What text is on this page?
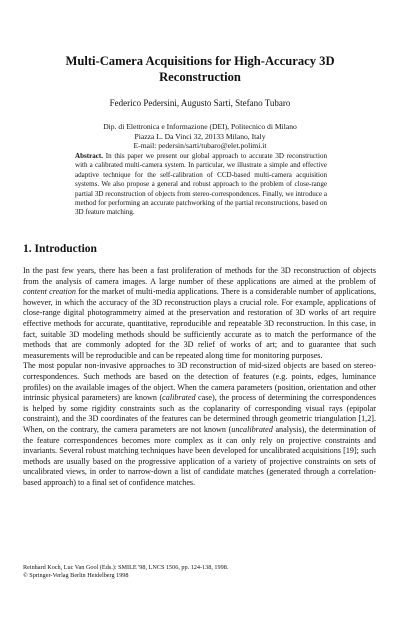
Multi-Camera Acquisitions for High-Accuracy 3D
Reconstruction
Federico Pedersini, Augusto Sarti, Stefano Tubaro
Dip. di Elettronica e Informazione (DEI), Politecnico di Milano
Piazza L. Da Vinci 32, 20133 Milano, Italy
E-mail: pedersin/sarti/tubaro@elet.polimi.it
Abstract. In this paper we present our global approach to accurate 3D reconstruction with a calibrated multi-camera system. In particular, we illustrate a simple and effective adaptive technique for the self-calibration of CCD-based multi-camera acquisition systems. We also propose a general and robust approach to the problem of close-range partial 3D reconstruction of objects from stereo-correspondences. Finally, we introduce a method for performing an accurate patchworking of the partial reconstructions, based on 3D feature matching.
1. Introduction

In the past few years, there has been a fast proliferation of methods for the 3D reconstruction of objects from the analysis of camera images. A large number of these applications are aimed at the problem of content creation for the market of multi-media applications. There is a considerable number of applications, however, in which the accuracy of the 3D reconstruction plays a crucial role. For example, applications of close-range digital photogrammetry aimed at the preservation and restoration of 3D works of art require effective methods for accurate, quantitative, reproducible and repeatable 3D reconstruction. In this case, in fact, suitable 3D modeling methods should be sufficiently accurate as to match the performance of the methods that are commonly adopted for the 3D relief of works of art; and to guarantee that such measurements will be reproducible and can be repeated along time for monitoring purposes.

The most popular non-invasive approaches to 3D reconstruction of mid-sized objects are based on stereo-correspondences. Such methods are based on the detection of features (e.g. points, edges, luminance profiles) on the available images of the object. When the camera parameters (position, orientation and other intrinsic physical parameters) are known (calibrated case), the process of determining the correspondences is helped by some rigidity constraints such as the coplanarity of corresponding visual rays (epipolar constraint), and the 3D coordinates of the features can be determined through geometric triangulation [1,2]. When, on the contrary, the camera parameters are not known (uncalibrated analysis), the determination of the feature correspondences becomes more complex as it can only rely on projective constraints and invariants. Several robust matching techniques have been developed for uncalibrated acquisitions [19]; such methods are usually based on the progressive application of a variety of projective constraints on sets of uncalibrated views, in order to narrow-down a list of candidate matches (generated through a correlation-based approach) to a final set of confidence matches.

Reinhard Koch, Luc Van Gool (Eds.): SMILE '98, LNCS 1506, pp. 124-138, 1998.
© Springer-Verlag Berlin Heidelberg 1998
